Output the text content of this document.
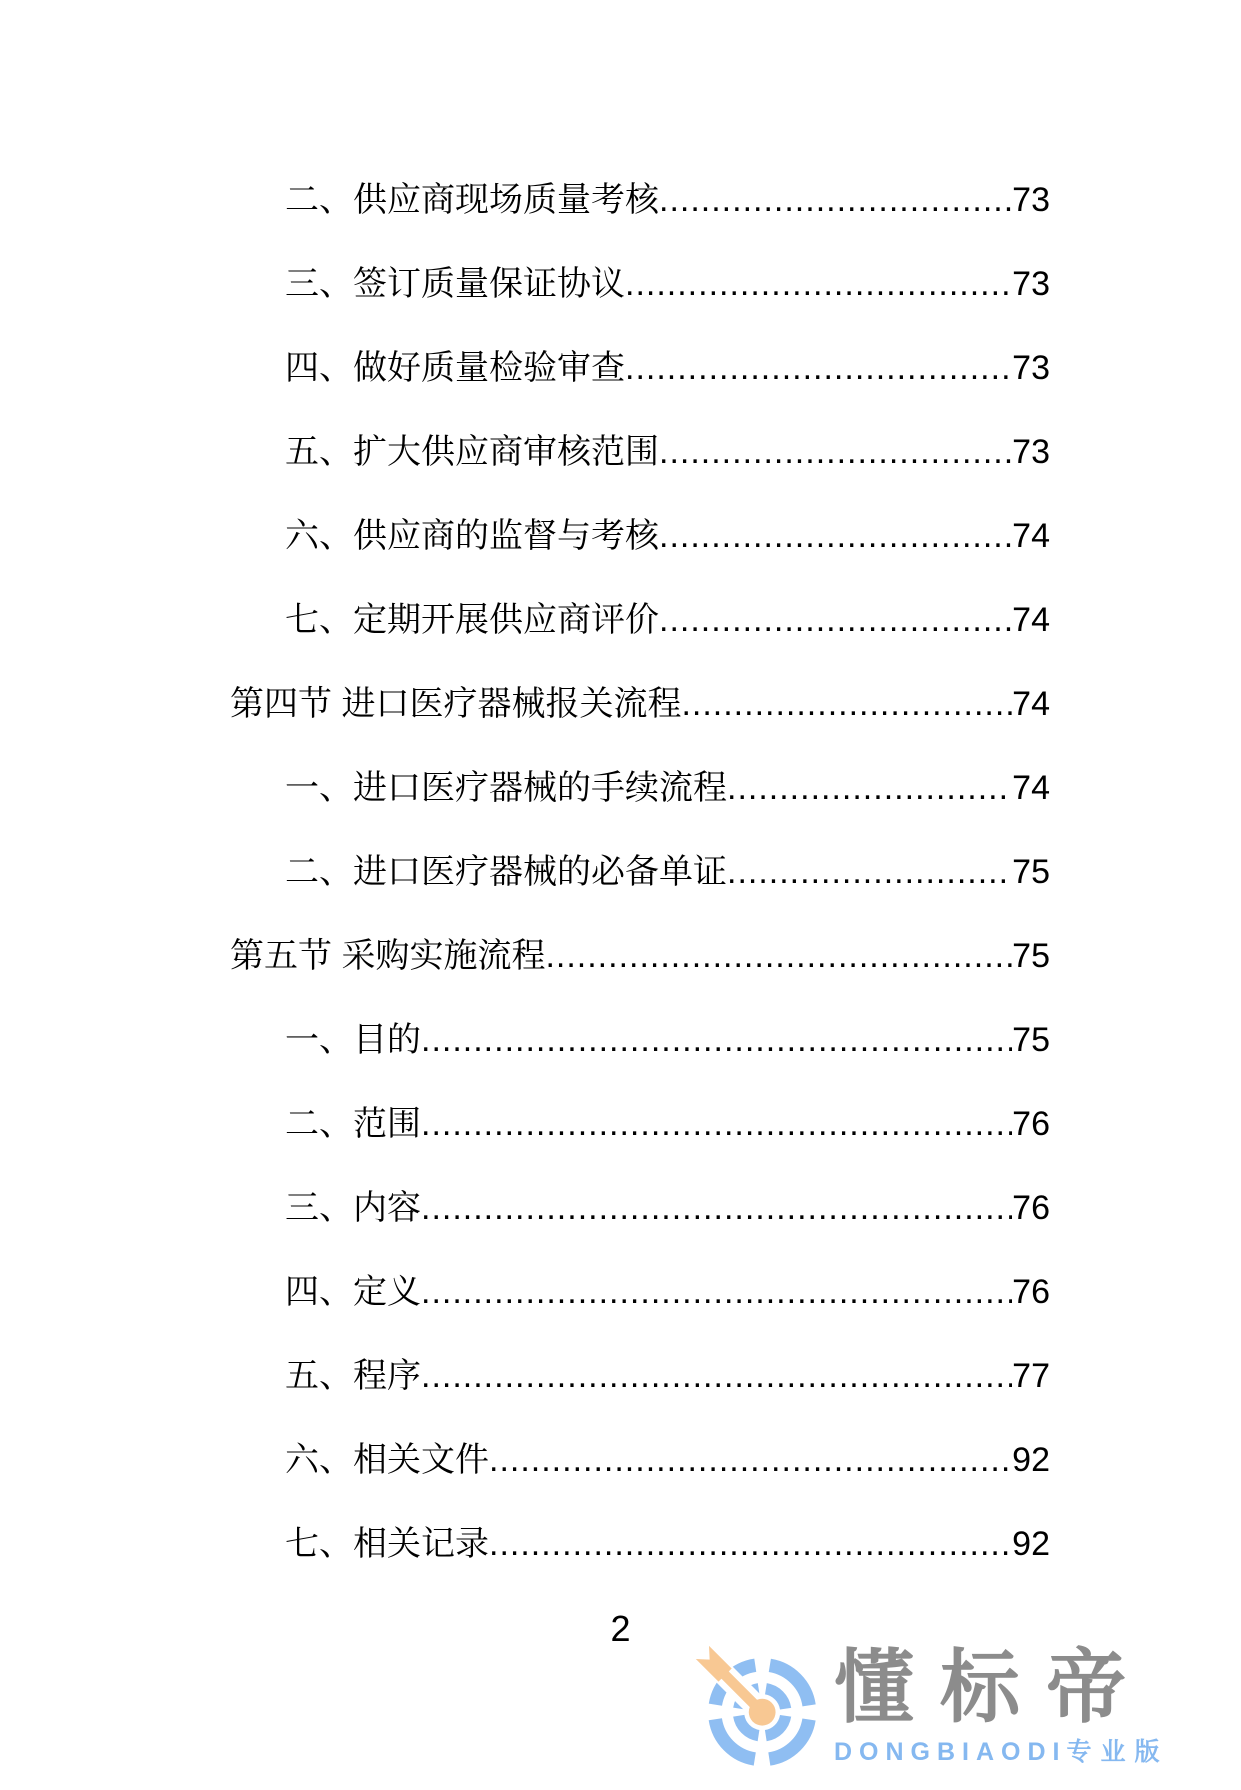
二、供应商现场质量考核 .....	73
三、签订质量保证协议 .....	73
四、做好质量检验审查 .....	73
五、扩大供应商审核范围 .....	73
六、供应商的监督与考核 .....	74
七、定期开展供应商评价 .....	74
第四节 进口医疗器械报关流程 .....	74
一、进口医疗器械的手续流程 .....	74
二、进口医疗器械的必备单证 .....	75
第五节 采购实施流程 .....	75
一、目的 .....	75
二、范围 .....	76
三、内容 .....	76
四、定义 .....	76
五、程序 .....	77
六、相关文件 .....	92
七、相关记录 .....	92
2
懂标帝
DONGBIAODI专业版
